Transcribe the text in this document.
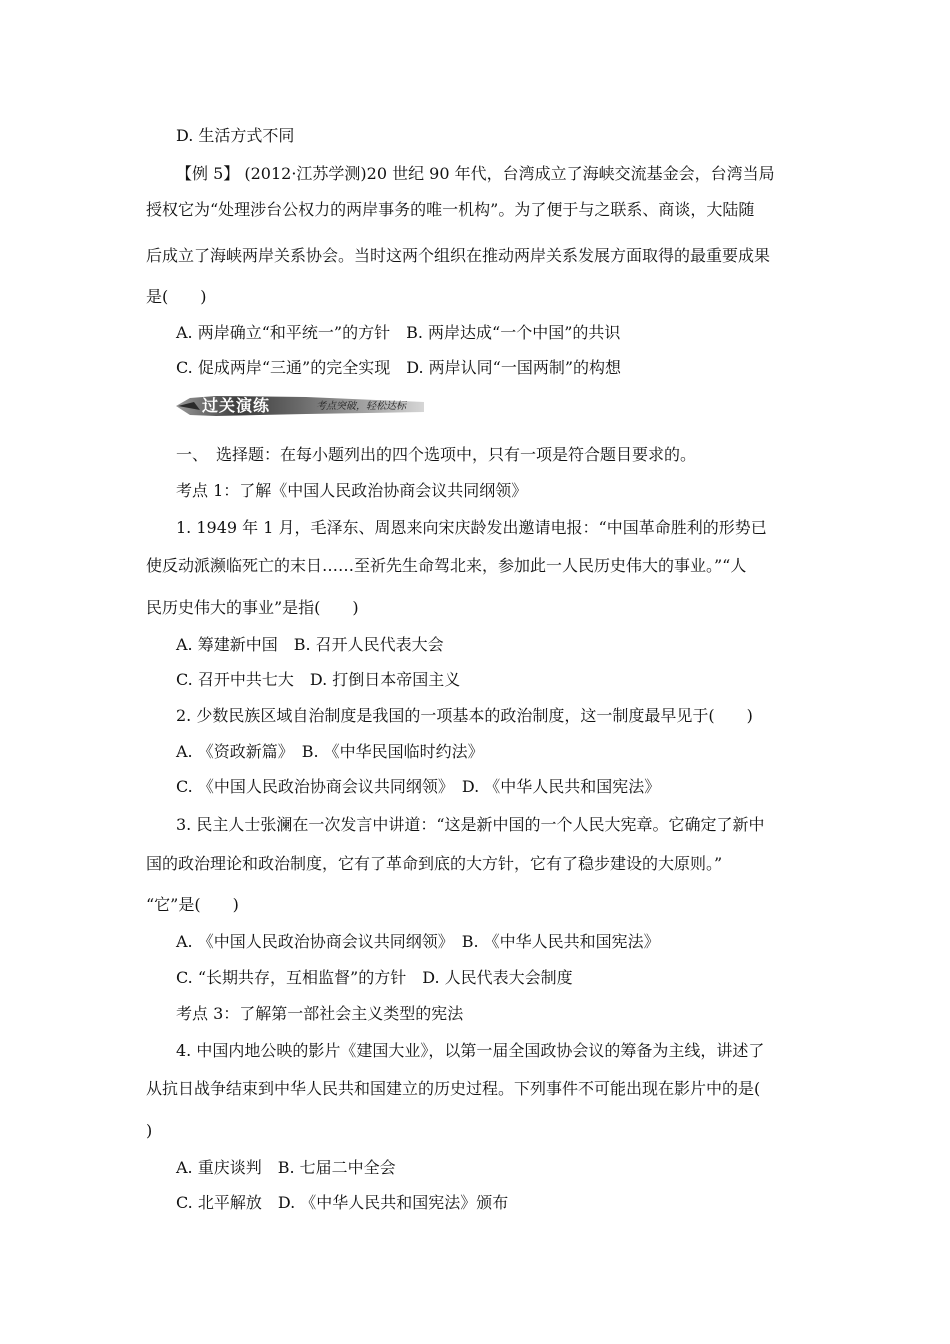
D. 生活方式不同
【例 5】 (2012·江苏学测)20 世纪 90 年代，台湾成立了海峡交流基金会，台湾当局
授权它为“处理涉台公权力的两岸事务的唯一机构”。为了便于与之联系、商谈，大陆随
后成立了海峡两岸关系协会。当时这两个组织在推动两岸关系发展方面取得的最重要成果
是(　　)
A. 两岸确立“和平统一”的方针　B. 两岸达成“一个中国”的共识
C. 促成两岸“三通”的完全实现　D. 两岸认同“一国两制”的构想
过关演练	考点突破，轻松达标
一、　选择题：在每小题列出的四个选项中，只有一项是符合题目要求的。
考点 1：了解《中国人民政治协商会议共同纲领》
1. 1949 年 1 月，毛泽东、周恩来向宋庆龄发出邀请电报：“中国革命胜利的形势已
使反动派濒临死亡的末日……至祈先生命驾北来，参加此一人民历史伟大的事业。”“人
民历史伟大的事业”是指(　　)
A. 筹建新中国　B. 召开人民代表大会
C. 召开中共七大　D. 打倒日本帝国主义
2. 少数民族区域自治制度是我国的一项基本的政治制度，这一制度最早见于(　　)
A. 《资政新篇》　B. 《中华民国临时约法》
C. 《中国人民政治协商会议共同纲领》　D. 《中华人民共和国宪法》
3. 民主人士张澜在一次发言中讲道：“这是新中国的一个人民大宪章。它确定了新中
国的政治理论和政治制度，它有了革命到底的大方针，它有了稳步建设的大原则。”
“它”是(　　)
A. 《中国人民政治协商会议共同纲领》　B. 《中华人民共和国宪法》
C. “长期共存，互相监督”的方针　D. 人民代表大会制度
考点 3：了解第一部社会主义类型的宪法
4. 中国内地公映的影片《建国大业》，以第一届全国政协会议的筹备为主线，讲述了
从抗日战争结束到中华人民共和国建立的历史过程。下列事件不可能出现在影片中的是(
)
A. 重庆谈判　B. 七届二中全会
C. 北平解放　D. 《中华人民共和国宪法》颁布
